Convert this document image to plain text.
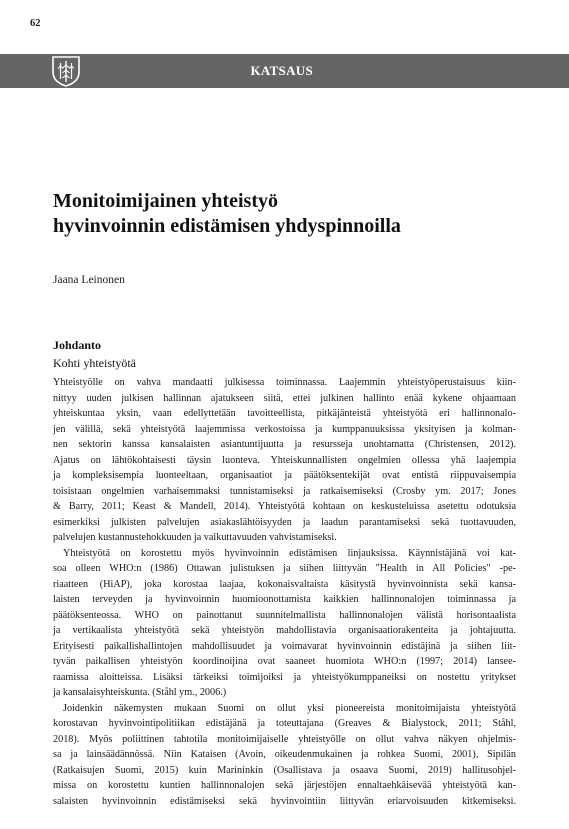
62
KATSAUS
Monitoimijainen yhteistyö
hyvinvoinnin edistämisen yhdyspinnoilla
Jaana Leinonen
Johdanto
Kohti yhteistyötä
Yhteistyölle on vahva mandaatti julkisessa toiminnassa. Laajemmin yhteistyöperustaisuus kiin-
nittyy uuden julkisen hallinnan ajatukseen siitä, ettei julkinen hallinto enää kykene ohjaamaan
yhteiskuntaa yksin, vaan edellyttetään tavoitteellista, pitkäjänteistä yhteistyötä eri hallinnonalo-
jen välillä, sekä yhteistyötä laajemmissa verkostoissa ja kumppanuuksissa yksityisen ja kolman-
nen sektorin kanssa kansalaisten asiantuntijuutta ja resursseja unohtamatta (Christensen, 2012).
Ajatus on lähtökohtaisesti täysin luonteva. Yhteiskunnallisten ongelmien ollessa yhä laajempia
ja kompleksisempia luonteeltaan, organisaatiot ja päätöksentekijät ovat entistä riippuvaisempia
toisistaan ongelmien varhaisemmaksi tunnistamiseksi ja ratkaisemiseksi (Crosby ym. 2017; Jones
& Barry, 2011; Keast & Mandell, 2014). Yhteistyötä kohtaan on keskusteluissa asetettu odotuksia
esimerkiksi julkisten palvelujen asiakaslähtöisyyden ja laadun parantamiseksi sekä tuottavuuden,
palvelujen kustannustehokkuuden ja vaikuttavuuden vahvistamiseksi.
Yhteistyötä on korostettu myös hyvinvoinnin edistämisen linjauksissa. Käynnistäjänä voi kat-
soa olleen WHO:n (1986) Ottawan julistuksen ja siihen liittyvän "Health in All Policies" -pe-
riaatteen (HiAP), joka korostaa laajaa, kokonaisvaltaista käsitystä hyvinvoinnista sekä kansa-
laisten terveyden ja hyvinvoinnin huomioonottamista kaikkien hallinnonalojen toiminnassa ja
päätöksenteossa. WHO on painottanut suunnitelmallista hallinnonalojen välistä horisontaalista
ja vertikaalista yhteistyötä sekä yhteistyön mahdollistavia organisaatiorakenteita ja johtajuutta.
Erityisesti paikallishallintojen mahdollisuudet ja voimavarat hyvinvoinnin edistäjinä ja siihen liit-
tyvän paikallisen yhteistyön koordinoijina ovat saaneet huomiota WHO:n (1997; 2014) lansee-
raamissa aloitteissa. Lisäksi tärkeiksi toimijoiksi ja yhteistyökumppaneiksi on nostettu yritykset
ja kansalaisyhteiskunta. (Ståhl ym., 2006.)
Joidenkin näkemysten mukaan Suomi on ollut yksi pioneereista monitoimijaista yhteistyötä
korostavan hyvinvointipolitiikan edistäjänä ja toteuttajana (Greaves & Bialystock, 2011; Ståhl,
2018). Myös poliittinen tahtotila monitoimijaiselle yhteistyölle on ollut vahva näkyen ohjelmis-
sa ja lainsäädännössä. Niin Kataisen (Avoin, oikeudenmukainen ja rohkea Suomi, 2001), Sipilän
(Ratkaisujen Suomi, 2015) kuin Marininkin (Osallistava ja osaava Suomi, 2019) hallitusohjel-
missa on korostettu kuntien hallinnonalojen sekä järjestöjen ennaltaehkäisevää yhteistyötä kan-
salaisten hyvinvoinnin edistämiseksi sekä hyvinvointiin liittyvän eriarvoisuuden kitkemiseksi.
